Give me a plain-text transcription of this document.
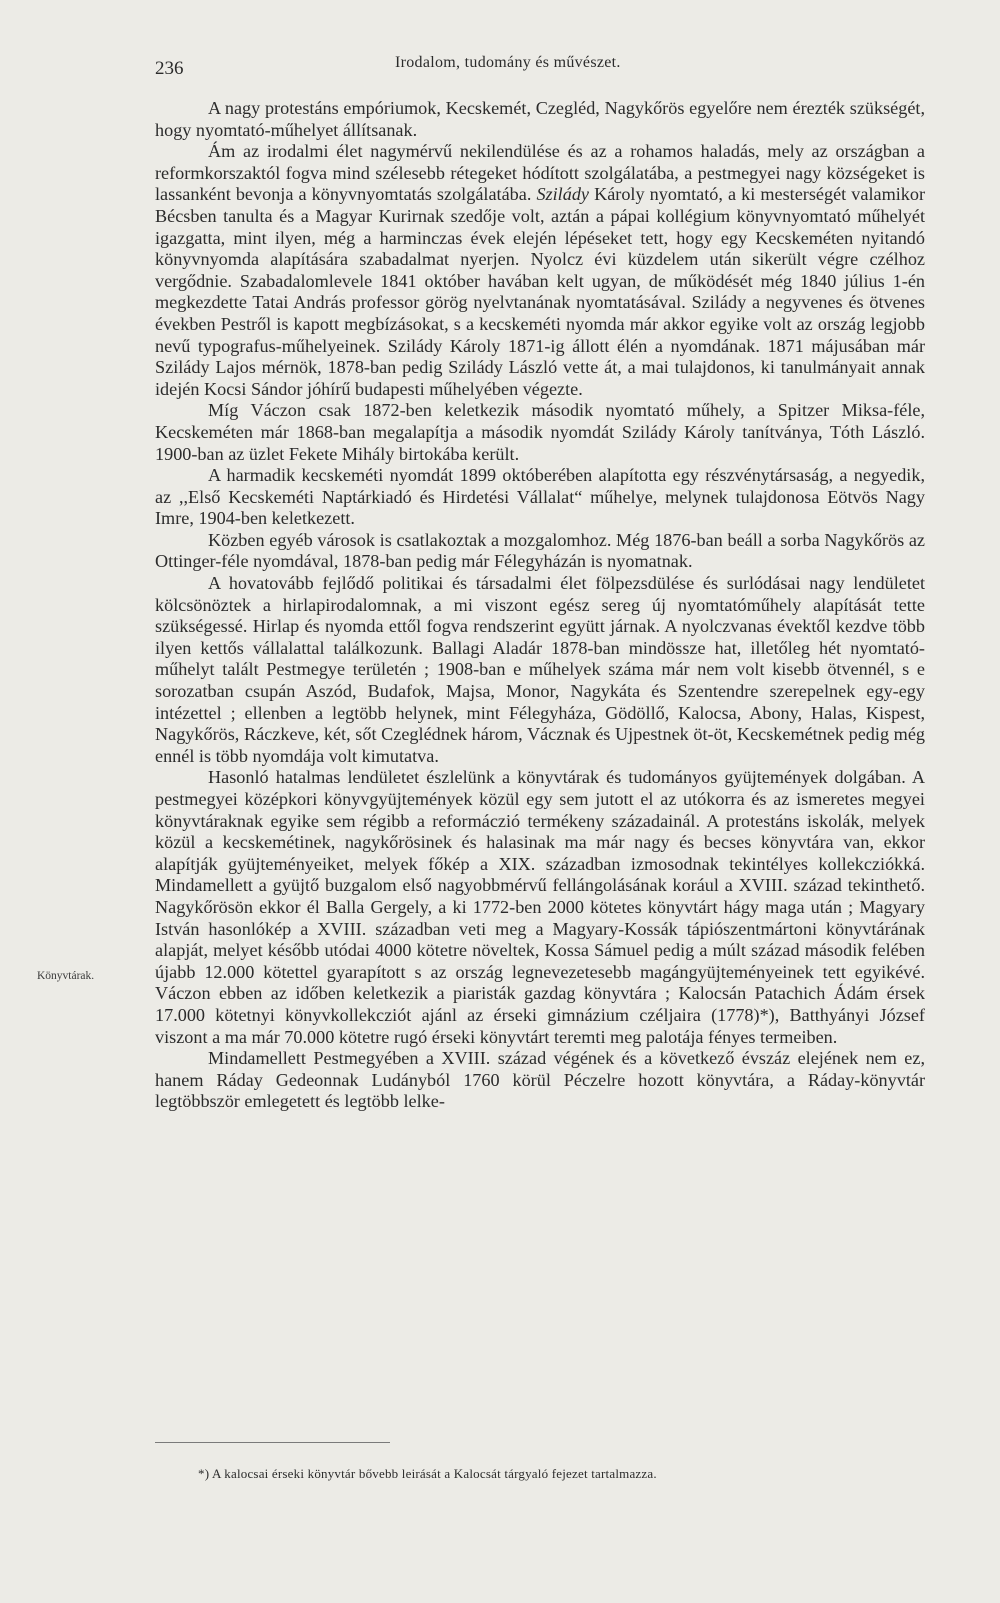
236	Irodalom, tudomány és művészet.
Könyvtárak.

A nagy protestáns empóriumok, Kecskemét, Czegléd, Nagykőrös egyelőre nem érezték szükségét, hogy nyomtató-műhelyet állítsanak.

Ám az irodalmi élet nagymérvű nekilendülése és az a rohamos haladás, mely az országban a reformkorszaktól fogva mind szélesebb rétegeket hódított szolgálatába, a pestmegyei nagy községeket is lassanként bevonja a könyvnyomtatás szolgálatába. Szilády Károly nyomtató, a ki mesterségét valamikor Bécsben tanulta és a Magyar Kurirnak szedője volt, aztán a pápai kollégium könyvnyomtató műhelyét igazgatta, mint ilyen, még a harminczas évek elején lépéseket tett, hogy egy Kecskeméten nyitandó könyvnyomda alapítására szabadalmat nyerjen. Nyolcz évi küzdelem után sikerült végre czélhoz vergődnie. Szabadalomlevele 1841 október havában kelt ugyan, de működését még 1840 július 1-én megkezdette Tatai András professor görög nyelvtanának nyomtatásával. Szilády a negyvenes és ötvenes években Pestről is kapott megbízásokat, s a kecskeméti nyomda már akkor egyike volt az ország legjobb nevű typografus-műhelyeinek. Szilády Károly 1871-ig állott élén a nyomdának. 1871 májusában már Szilády Lajos mérnök, 1878-ban pedig Szilády László vette át, a mai tulajdonos, ki tanulmányait annak idején Kocsi Sándor jóhírű budapesti műhelyében végezte.

Míg Váczon csak 1872-ben keletkezik második nyomtató műhely, a Spitzer Miksa-féle, Kecskeméten már 1868-ban megalapítja a második nyomdát Szilády Károly tanítványa, Tóth László. 1900-ban az üzlet Fekete Mihály birtokába került.

A harmadik kecskeméti nyomdát 1899 októberében alapította egy részvénytársaság, a negyedik, az ,,Első Kecskeméti Naptárkiadó és Hirdetési Vállalat“ műhelye, melynek tulajdonosa Eötvös Nagy Imre, 1904-ben keletkezett.

Közben egyéb városok is csatlakoztak a mozgalomhoz. Még 1876-ban beáll a sorba Nagykőrös az Ottinger-féle nyomdával, 1878-ban pedig már Félegyházán is nyomatnak.

A hovatovább fejlődő politikai és társadalmi élet fölpezsdülése és surlódásai nagy lendületet kölcsönöztek a hirlapirodalomnak, a mi viszont egész sereg új nyomtatóműhely alapítását tette szükségessé. Hirlap és nyomda ettől fogva rendszerint együtt járnak. A nyolczvanas évektől kezdve több ilyen kettős vállalattal találkozunk. Ballagi Aladár 1878-ban mindössze hat, illetőleg hét nyomtató-műhelyt talált Pestmegye területén ; 1908-ban e műhelyek száma már nem volt kisebb ötvennél, s e sorozatban csupán Aszód, Budafok, Majsa, Monor, Nagykáta és Szentendre szerepelnek egy-egy intézettel ; ellenben a legtöbb helynek, mint Félegyháza, Gödöllő, Kalocsa, Abony, Halas, Kispest, Nagykőrös, Ráczkeve, két, sőt Czeglédnek három, Vácznak és Ujpestnek öt-öt, Kecskemétnek pedig még ennél is több nyomdája volt kimutatva.

Hasonló hatalmas lendületet észlelünk a könyvtárak és tudományos gyüjtemények dolgában. A pestmegyei középkori könyvgyüjtemények közül egy sem jutott el az utókorra és az ismeretes megyei könyvtáraknak egyike sem régibb a reformáczió termékeny századainál. A protestáns iskolák, melyek közül a kecskemétinek, nagykőrösinek és halasinak ma már nagy és becses könyvtára van, ekkor alapítják gyüjteményeiket, melyek főkép a XIX. században izmosodnak tekintélyes kollekcziókká. Mindamellett a gyüjtő buzgalom első nagyobbmérvű fellángolásának korául a XVIII. század tekinthető. Nagykőrösön ekkor él Balla Gergely, a ki 1772-ben 2000 kötetes könyvtárt hágy maga után ; Magyary István hasonlókép a XVIII. században veti meg a Magyary-Kossák tápiószentmártoni könyvtárának alapját, melyet később utódai 4000 kötetre növeltek, Kossa Sámuel pedig a múlt század második felében újabb 12.000 kötettel gyarapított s az ország legnevezetesebb magángyüjteményeinek tett egyikévé. Váczon ebben az időben keletkezik a piaristák gazdag könyvtára ; Kalocsán Patachich Ádám érsek 17.000 kötetnyi könyvkollekcziót ajánl az érseki gimnázium czéljaira (1778)*), Batthyányi József viszont a ma már 70.000 kötetre rugó érseki könyvtárt teremti meg palotája fényes termeiben.

Mindamellett Pestmegyében a XVIII. század végének és a következő évszáz elejének nem ez, hanem Ráday Gedeonnak Ludányból 1760 körül Péczelre hozott könyvtára, a Ráday-könyvtár legtöbbször emlegetett és legtöbb lelke-

*) A kalocsai érseki könyvtár bővebb leirását a Kalocsát tárgyaló fejezet tartalmazza.
